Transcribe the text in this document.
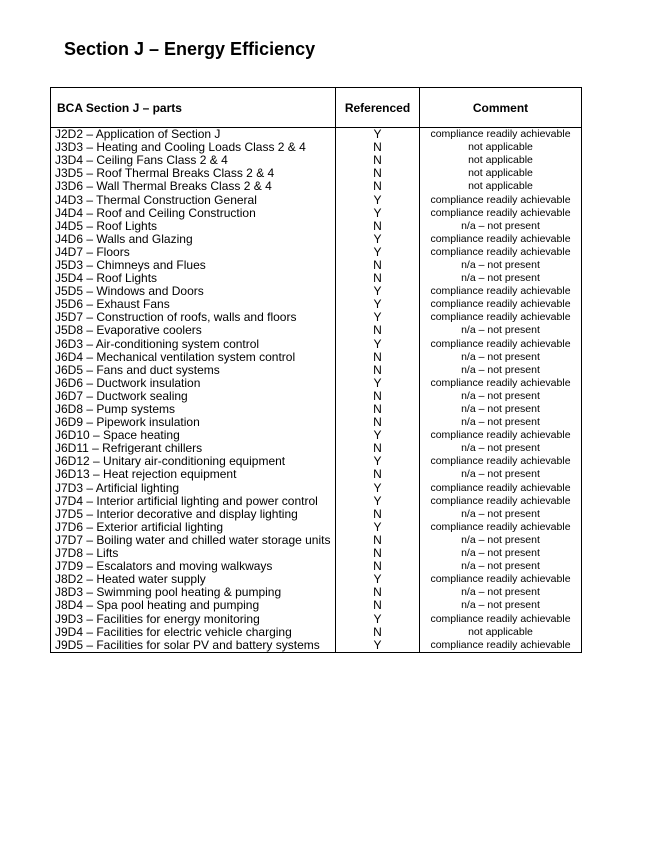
Section J – Energy Efficiency
BCA Section J – parts	Referenced	Comment
J2D2 – Application of Section J	Y	compliance readily achievable
J3D3 – Heating and Cooling Loads Class 2 & 4	N	not applicable
J3D4 – Ceiling Fans Class 2 & 4	N	not applicable
J3D5 – Roof Thermal Breaks Class 2 & 4	N	not applicable
J3D6 – Wall Thermal Breaks Class 2 & 4	N	not applicable
J4D3 – Thermal Construction General	Y	compliance readily achievable
J4D4 – Roof and Ceiling Construction	Y	compliance readily achievable
J4D5 – Roof Lights	N	n/a – not present
J4D6 – Walls and Glazing	Y	compliance readily achievable
J4D7 – Floors	Y	compliance readily achievable
J5D3 – Chimneys and Flues	N	n/a – not present
J5D4 – Roof Lights	N	n/a – not present
J5D5 – Windows and Doors	Y	compliance readily achievable
J5D6 – Exhaust Fans	Y	compliance readily achievable
J5D7 – Construction of roofs, walls and floors	Y	compliance readily achievable
J5D8 – Evaporative coolers	N	n/a – not present
J6D3 – Air-conditioning system control	Y	compliance readily achievable
J6D4 – Mechanical ventilation system control	N	n/a – not present
J6D5 – Fans and duct systems	N	n/a – not present
J6D6 – Ductwork insulation	Y	compliance readily achievable
J6D7 – Ductwork sealing	N	n/a – not present
J6D8 – Pump systems	N	n/a – not present
J6D9 – Pipework insulation	N	n/a – not present
J6D10 – Space heating	Y	compliance readily achievable
J6D11 – Refrigerant chillers	N	n/a – not present
J6D12 – Unitary air-conditioning equipment	Y	compliance readily achievable
J6D13 – Heat rejection equipment	N	n/a – not present
J7D3 – Artificial lighting	Y	compliance readily achievable
J7D4 – Interior artificial lighting and power control	Y	compliance readily achievable
J7D5 – Interior decorative and display lighting	N	n/a – not present
J7D6 – Exterior artificial lighting	Y	compliance readily achievable
J7D7 – Boiling water and chilled water storage units	N	n/a – not present
J7D8 – Lifts	N	n/a – not present
J7D9 – Escalators and moving walkways	N	n/a – not present
J8D2 – Heated water supply	Y	compliance readily achievable
J8D3 – Swimming pool heating & pumping	N	n/a – not present
J8D4 – Spa pool heating and pumping	N	n/a – not present
J9D3 – Facilities for energy monitoring	Y	compliance readily achievable
J9D4 – Facilities for electric vehicle charging	N	not applicable
J9D5 – Facilities for solar PV and battery systems	Y	compliance readily achievable
